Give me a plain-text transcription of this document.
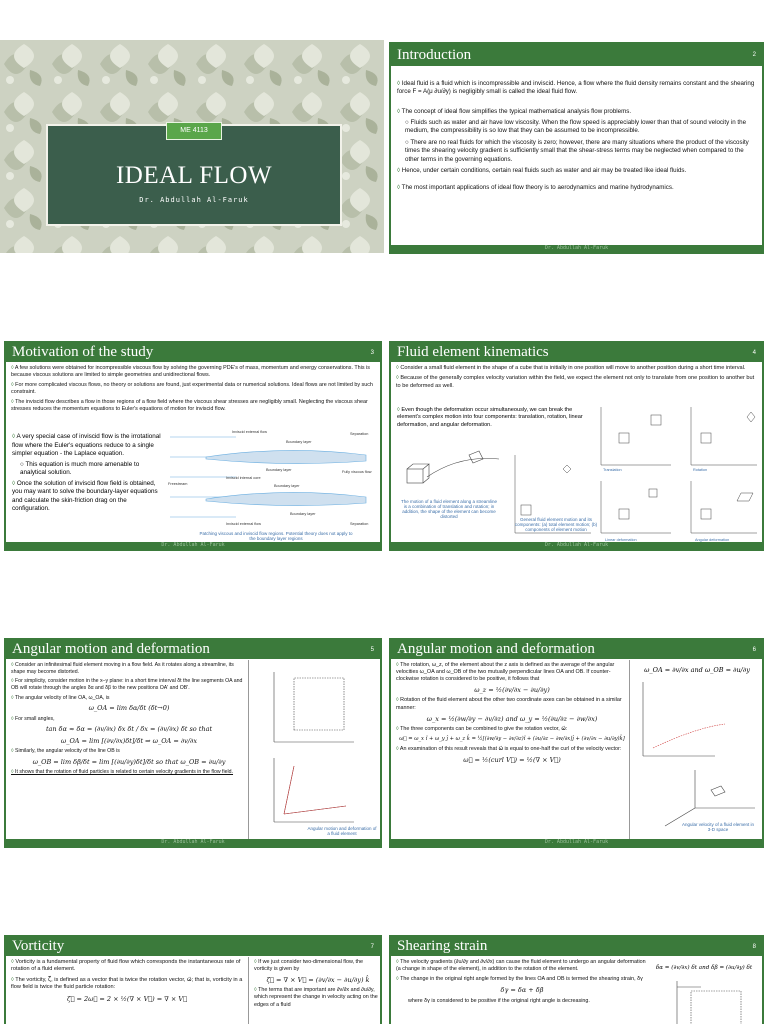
IDEAL FLOW
Dr. Abdullah Al-Faruk
ME 4113
Introduction	2

◊ Ideal fluid is a fluid which is incompressible and inviscid. Hence, a flow where the fluid density remains constant and the shearing force F = A(μ ∂u/∂y) is negligibly small is called the ideal fluid flow.

◊ The concept of ideal flow simplifies the typical mathematical analysis flow problems.

○ Fluids such as water and air have low viscosity. When the flow speed is appreciably lower than that of sound velocity in the medium, the compressibility is so low that they can be assumed to be incompressible.

○ There are no real fluids for which the viscosity is zero; however, there are many situations where the product of the viscosity times the shearing velocity gradient is sufficiently small that the shear-stress terms may be neglected when compared to the other terms in the governing equations.

◊ Hence, under certain conditions, certain real fluids such as water and air may be treated like ideal fluids.

◊ The most important applications of ideal flow theory is to aerodynamics and marine hydrodynamics.

Dr. Abdullah Al-Faruk
Motivation of the study	3

◊ A few solutions were obtained for incompressible viscous flow by solving the governing PDE's of mass, momentum and energy conservations. This is because viscous solutions are limited to simple geometries and unidirectional flows.

◊ For more complicated viscous flows, no theory or solutions are found, just experimental data or numerical solutions. Ideal flows are not limited by such constraint.

◊ The inviscid flow describes a flow in those regions of a flow field where the viscous shear stresses are negligibly small. Neglecting the viscous shear stresses reduces the momentum equations to Euler's equations of motion for inviscid flow.

◊ A very special case of inviscid flow is the irrotational flow where the Euler's equations reduce to a single simpler equation - the Laplace equation.

○ This equation is much more amenable to analytical solution.

◊ Once the solution of inviscid flow field is obtained, you may want to solve the boundary-layer equations and calculate the skin-friction drag on the configuration.

Inviscid external flow
Boundary layer
Separation
Boundary layer
Freestream
Inviscid internal core
Fully viscous flow
Boundary layer
Boundary layer
Inviscid external flow	Separation
Patching viscous and inviscid flow regions. Potential theory does not apply to the boundary layer regions
Dr. Abdullah Al-Faruk
Fluid element kinematics	4

◊ Consider a small fluid element in the shape of a cube that is initially in one position will move to another position during a short time interval.

◊ Because of the generally complex velocity variation within the field, we expect the element not only to translate from one position to another but to be deformed as well.

◊ Even though the deformation occur simultaneously, we can break the element's complex motion into four components: translation, rotation, linear deformation, and angular deformation.

The motion of a fluid element along a streamline is a combination of translation and rotation; in addition, the shape of the element can become distorted
Translation	Rotation
Linear deformation	Angular deformation
General fluid element motion and its components: (a) total element motion; (b) components of element motion
Dr. Abdullah Al-Faruk
Angular motion and deformation	5

◊ Consider an infinitesimal fluid element moving in a flow field. As it rotates along a streamline, its shape may become distorted.

◊ For simplicity, consider motion in the x–y plane: in a short time interval δt the line segments OA and OB will rotate through the angles δα and δβ to the new positions OA' and OB'.

◊ The angular velocity of line OA, ω_OA, is

ω_OA = lim δα/δt (δt→0)

◊ For small angles,

tan δα ≈ δα = (∂v/∂x) δx δt / δx = (∂v/∂x) δt so that

ω_OA = lim [(∂v/∂x)δt]/δt ⇒ ω_OA = ∂v/∂x

◊ Similarly, the angular velocity of the line OB is

ω_OB = lim δβ/δt = lim [(∂u/∂y)δt]/δt so that ω_OB = ∂u/∂y

◊ It shows that the rotation of fluid particles is related to certain velocity gradients in the flow field.

Angular motion and deformation of a fluid element
Dr. Abdullah Al-Faruk
Angular motion and deformation	6

◊ The rotation, ω_z, of the element about the z axis is defined as the average of the angular velocities ω_OA and ω_OB of the two mutually perpendicular lines OA and OB. If counter-clockwise rotation is considered to be positive, it follows that

ω_z = ½(∂v/∂x − ∂u/∂y)

◊ Rotation of the fluid element about the other two coordinate axes can be obtained in a similar manner:

ω_x = ½(∂w/∂y − ∂v/∂z) and ω_y = ½(∂u/∂z − ∂w/∂x)

◊ The three components can be combined to give the rotation vector, ω⃗:

ω⃗ = ω_x î + ω_y ĵ + ω_z k̂ = ½[(∂w/∂y − ∂v/∂z)î + (∂u/∂z − ∂w/∂x)ĵ + (∂v/∂x − ∂u/∂y)k̂]

◊ An examination of this result reveals that ω⃗ is equal to one-half the curl of the velocity vector:

ω⃗ = ½(curl V⃗) = ½(∇ × V⃗)

ω_OA = ∂v/∂x and ω_OB = ∂u/∂y
Angular velocity of a fluid element in 3-D space
Dr. Abdullah Al-Faruk
Vorticity	7

◊ Vorticity is a fundamental property of fluid flow which corresponds the instantaneous rate of rotation of a fluid element.

◊ The vorticity, ζ⃗, is defined as a vector that is twice the rotation vector, ω⃗; that is, vorticity in a flow field is twice the fluid particle rotation:

ζ⃗ = 2ω⃗ = 2 × ½(∇ × V⃗) = ∇ × V⃗

◊ If we just consider two-dimensional flow, the vorticity is given by

ζ⃗ = ∇ × V⃗ = (∂v/∂x − ∂u/∂y) k̂

◊ The terms that are important are ∂v/∂x and ∂u/∂y, which represent the change in velocity acting on the edges of a fluid

Shearing strain	8

◊ The velocity gradients (∂u/∂y and ∂v/∂x) can cause the fluid element to undergo an angular deformation (a change in shape of the element), in addition to the rotation of the element.

◊ The change in the original right angle formed by the lines OA and OB is termed the shearing strain, δγ

δγ = δα + δβ

where δγ is considered to be positive if the original right angle is decreasing.

δα = (∂v/∂x) δt and δβ = (∂u/∂y) δt
